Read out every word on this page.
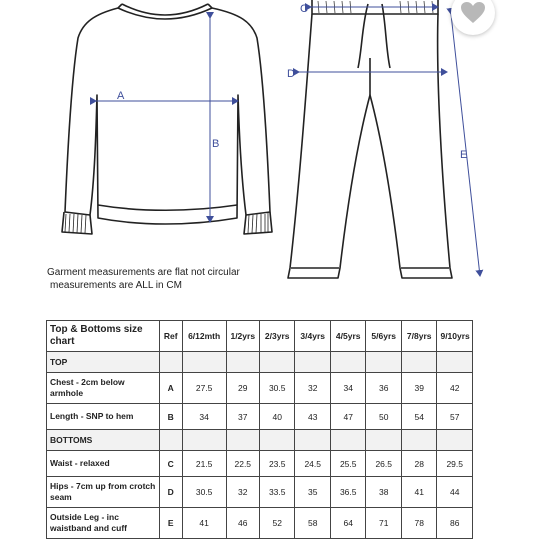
A
B
C
D
E
Garment measurements are flat not circular
measurements are ALL in CM
Top & Bottoms size chart	Ref	6/12mth	1/2yrs	2/3yrs	3/4yrs	4/5yrs	5/6yrs	7/8yrs	9/10yrs
TOP									
Chest - 2cm below armhole	A	27.5	29	30.5	32	34	36	39	42
Length - SNP to hem	B	34	37	40	43	47	50	54	57
BOTTOMS									
Waist - relaxed	C	21.5	22.5	23.5	24.5	25.5	26.5	28	29.5
Hips - 7cm up from crotch seam	D	30.5	32	33.5	35	36.5	38	41	44
Outside Leg - inc waistband and cuff	E	41	46	52	58	64	71	78	86
